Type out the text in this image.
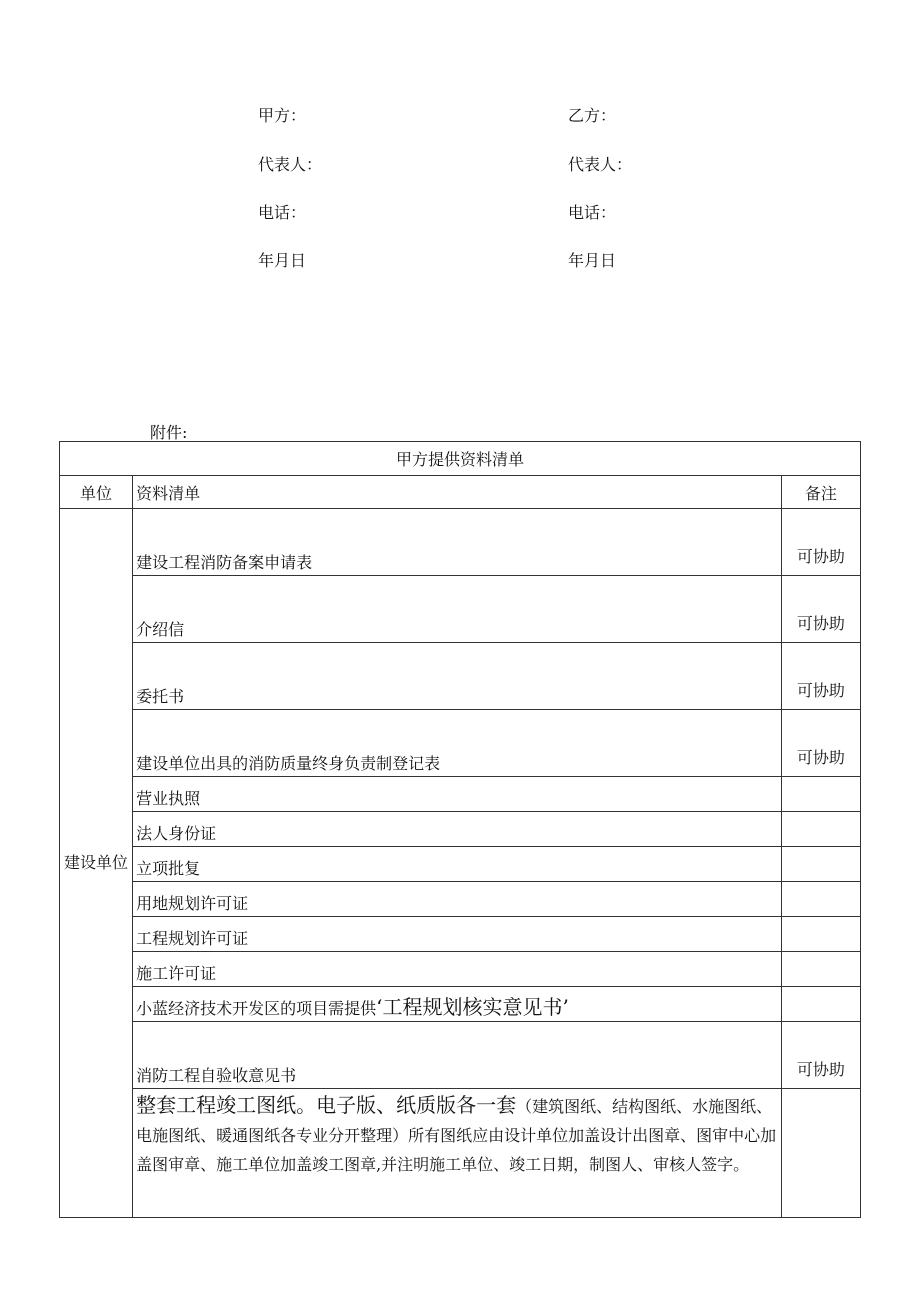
甲方：	乙方：
代表人：	代表人：
电话：	电话：
年月日	年月日
附件:
甲方提供资料清单		
单位	资料清单	备注

建设单位	建设工程消防备案申请表	可协助
	介绍信	可协助
	委托书	可协助
	建设单位出具的消防质量终身负责制登记表	可协助
	营业执照	
	法人身份证	
	立项批复	
	用地规划许可证	
	工程规划许可证	
	施工许可证	
	小蓝经济技术开发区的项目需提供‘工程规划核实意见书’	
	消防工程自验收意见书	可协助
	整套工程竣工图纸。电子版、纸质版各一套（建筑图纸、结构图纸、水施图纸、电施图纸、暖通图纸各专业分开整理）所有图纸应由设计单位加盖设计出图章、图审中心加盖图审章、施工单位加盖竣工图章,并注明施工单位、竣工日期，制图人、审核人签字。	
